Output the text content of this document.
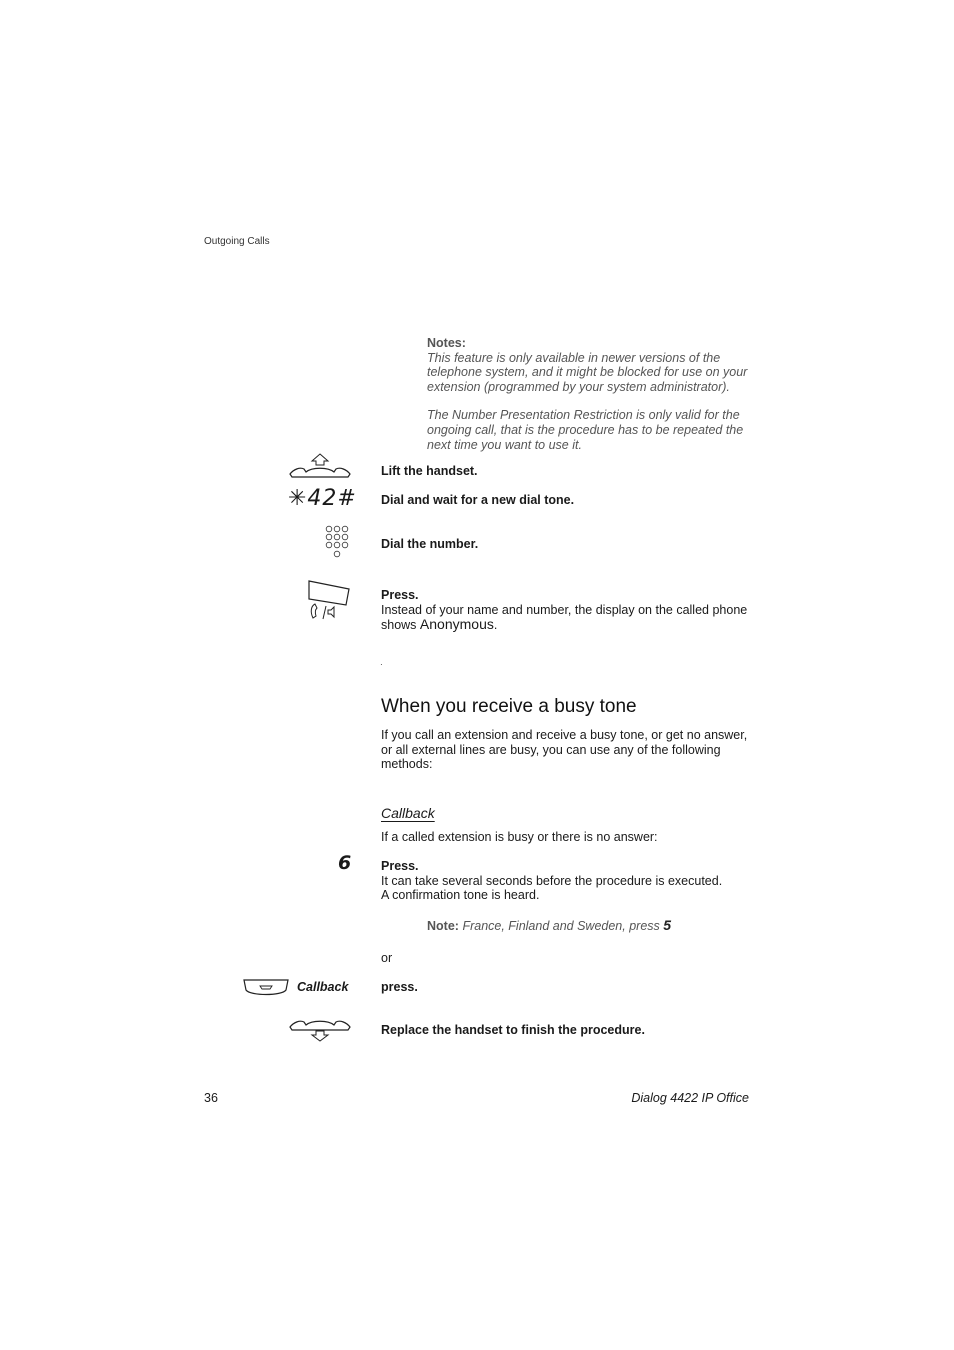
Outgoing Calls
Notes:

This feature is only available in newer versions of the telephone system, and it might be blocked for use on your extension (programmed by your system administrator).

The Number Presentation Restriction is only valid for the ongoing call, that is the procedure has to be repeated the next time you want to use it.

Lift the handset.
✳42# Dial and wait for a new dial tone.
Dial the number.
Press.
Instead of your name and number, the display on the called phone shows Anonymous.
·
When you receive a busy tone
If you call an extension and receive a busy tone, or get no answer, or all external lines are busy, you can use any of the following methods:
Callback
If a called extension is busy or there is no answer:
6 Press.
It can take several seconds before the procedure is executed.
A confirmation tone is heard.
Note: France, Finland and Sweden, press 5
or
Callback	press.
Replace the handset to finish the procedure.
36	Dialog 4422 IP Office
